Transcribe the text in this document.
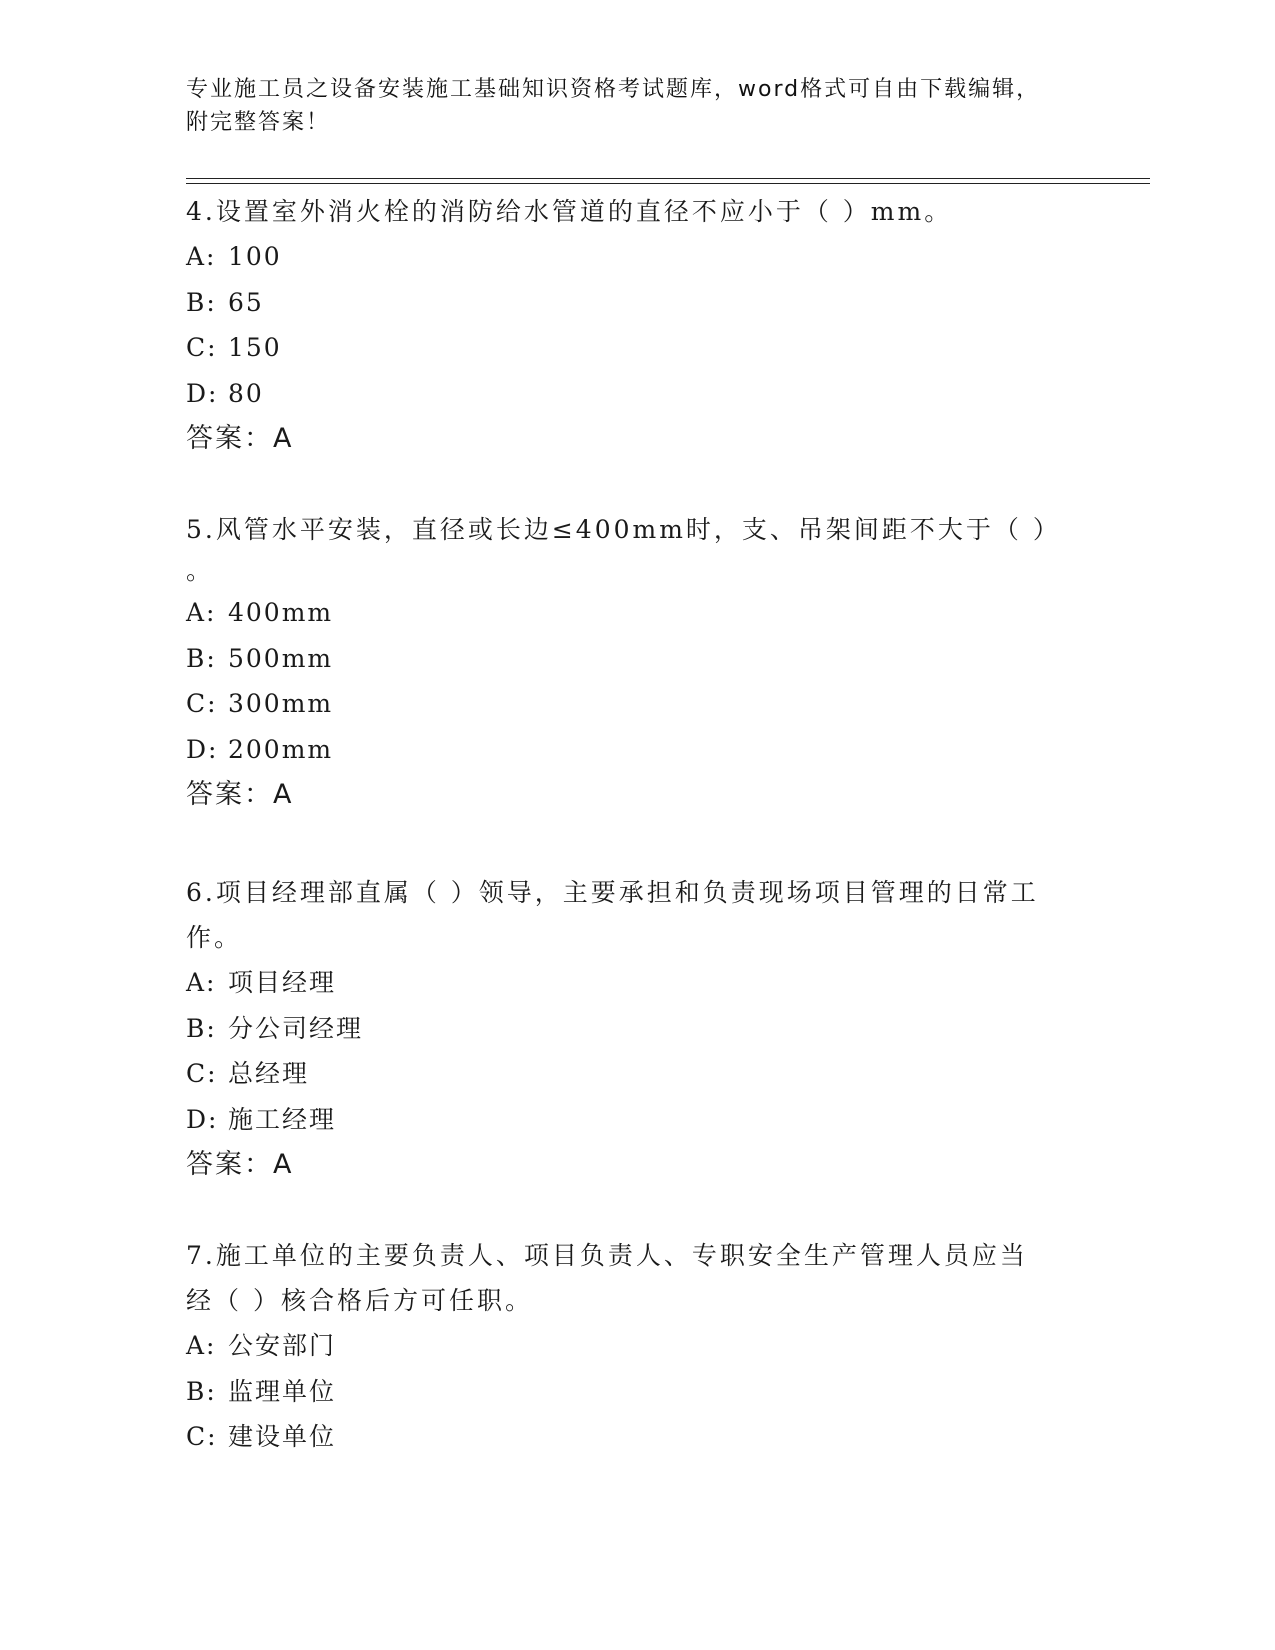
专业施工员之设备安装施工基础知识资格考试题库，word格式可自由下载编辑，
附完整答案！

4.设置室外消火栓的消防给水管道的直径不应小于（ ）mm。

A: 100

B: 65

C: 150

D: 80

答案：A

5.风管水平安装，直径或长边≤400mm时，支、吊架间距不大于（ ）

。

A: 400mm

B: 500mm

C: 300mm

D: 200mm

答案：A

6.项目经理部直属（ ）领导，主要承担和负责现场项目管理的日常工

作。

A: 项目经理

B: 分公司经理

C: 总经理

D: 施工经理

答案：A

7.施工单位的主要负责人、项目负责人、专职安全生产管理人员应当

经（ ）核合格后方可任职。

A: 公安部门

B: 监理单位

C: 建设单位
